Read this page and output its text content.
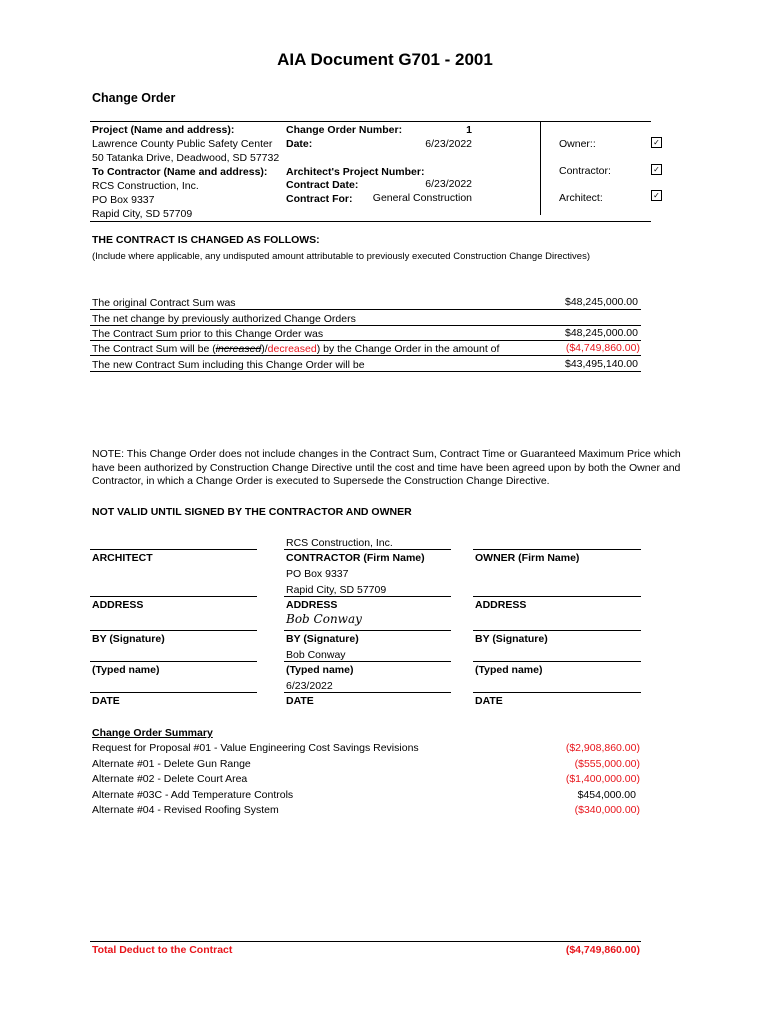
AIA Document G701 - 2001
Change Order
Project (Name and address):
Lawrence County Public Safety Center
50 Tatanka Drive, Deadwood, SD 57732
To Contractor (Name and address):
RCS Construction, Inc.
PO Box 9337
Rapid City, SD 57709
Change Order Number:	1
Date:	6/23/2022
Architect's Project Number:
Contract Date:	6/23/2022
Contract For:	General Construction
Owner::	✓
Contractor:	✓
Architect:	✓
THE CONTRACT IS CHANGED AS FOLLOWS:
(Include where applicable, any undisputed amount attributable to previously executed Construction Change Directives)
The original Contract Sum was	$48,245,000.00
The net change by previously authorized Change Orders
The Contract Sum prior to this Change Order was	$48,245,000.00
The Contract Sum will be (increased)/decreased) by the Change Order in the amount of	($4,749,860.00)
The new Contract Sum including this Change Order will be	$43,495,140.00
NOTE: This Change Order does not include changes in the Contract Sum, Contract Time or Guaranteed Maximum Price which
have been authorized by Construction Change Directive until the cost and time have been agreed upon by both the Owner and
Contractor, in which a Change Order is executed to Supersede the Construction Change Directive.
NOT VALID UNTIL SIGNED BY THE CONTRACTOR AND OWNER
RCS Construction, Inc.
ARCHITECT	CONTRACTOR (Firm Name)	OWNER (Firm Name)
PO Box 9337
Rapid City, SD 57709
ADDRESS	ADDRESS	ADDRESS
Bob Conway
BY (Signature)	BY (Signature)	BY (Signature)
Bob Conway
(Typed name)	(Typed name)	(Typed name)
6/23/2022
DATE	DATE	DATE
Change Order Summary
Request for Proposal #01 - Value Engineering Cost Savings Revisions	($2,908,860.00)
Alternate #01 - Delete Gun Range	($555,000.00)
Alternate #02 - Delete Court Area	($1,400,000.00)
Alternate #03C - Add Temperature Controls	$454,000.00
Alternate #04 - Revised Roofing System	($340,000.00)
Total Deduct to the Contract	($4,749,860.00)
